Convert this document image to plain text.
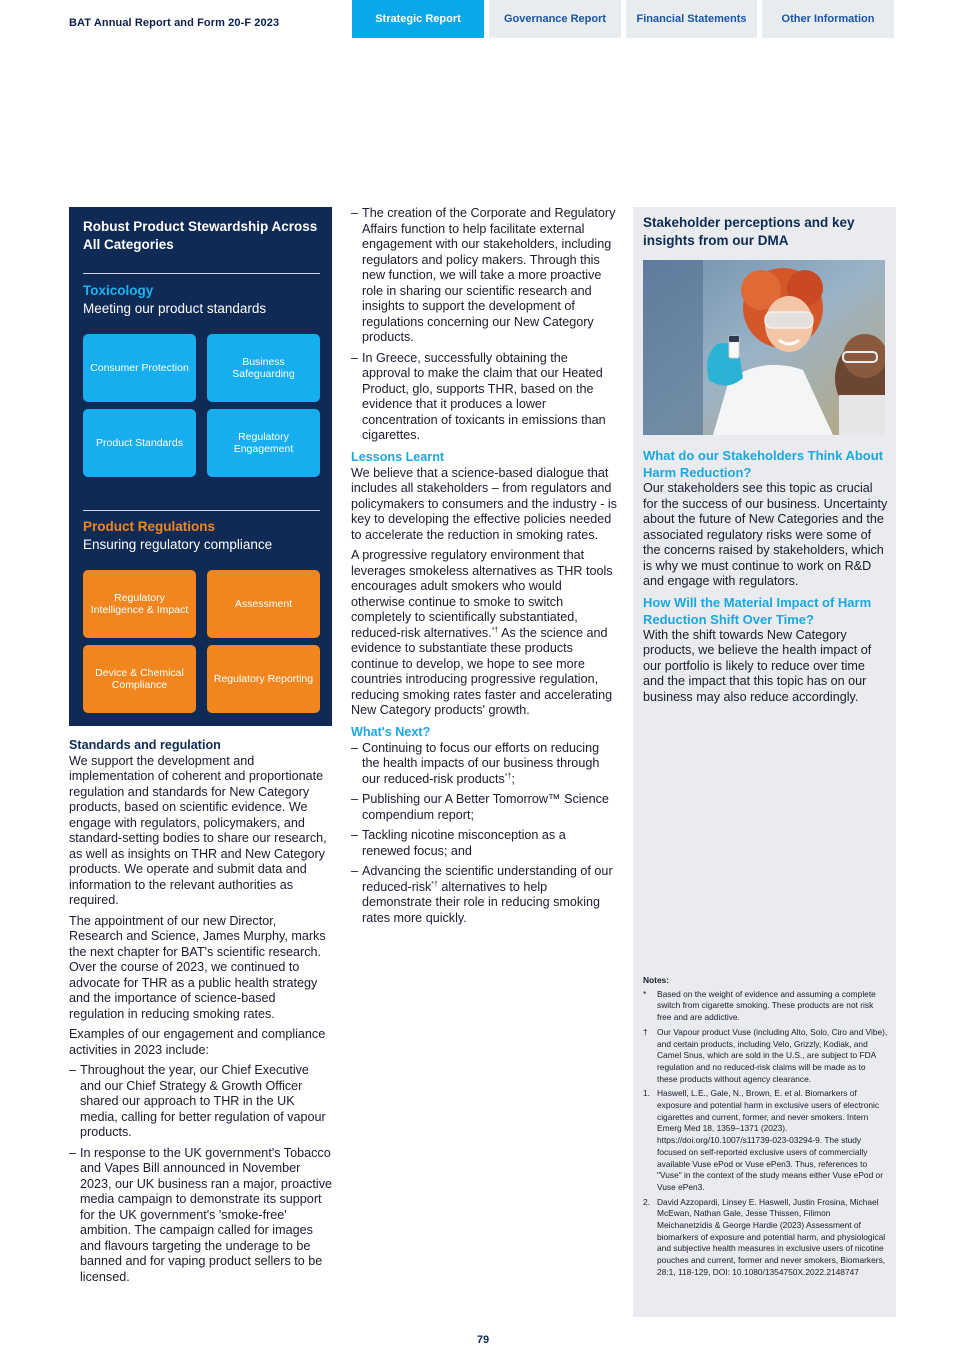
BAT Annual Report and Form 20-F 2023	Strategic Report	Governance Report	Financial Statements	Other Information
Robust Product Stewardship Across All Categories
Toxicology
Meeting our product standards
Consumer Protection	Business Safeguarding
Product Standards	Regulatory Engagement
Product Regulations
Ensuring regulatory compliance
Regulatory Intelligence & Impact	Assessment
Device & Chemical Compliance	Regulatory Reporting
Standards and regulation

We support the development and implementation of coherent and proportionate regulation and standards for New Category products, based on scientific evidence. We engage with regulators, policymakers, and standard-setting bodies to share our research, as well as insights on THR and New Category products. We operate and submit data and information to the relevant authorities as required.

The appointment of our new Director, Research and Science, James Murphy, marks the next chapter for BAT's scientific research. Over the course of 2023, we continued to advocate for THR as a public health strategy and the importance of science-based regulation in reducing smoking rates.

Examples of our engagement and compliance activities in 2023 include:

– Throughout the year, our Chief Executive and our Chief Strategy & Growth Officer shared our approach to THR in the UK media, calling for better regulation of vapour products.
– In response to the UK government's Tobacco and Vapes Bill announced in November 2023, our UK business ran a major, proactive media campaign to demonstrate its support for the UK government's 'smoke-free' ambition. The campaign called for images and flavours targeting the underage to be banned and for vaping product sellers to be licensed.
– The creation of the Corporate and Regulatory Affairs function to help facilitate external engagement with our stakeholders, including regulators and policy makers. Through this new function, we will take a more proactive role in sharing our scientific research and insights to support the development of regulations concerning our New Category products.
– In Greece, successfully obtaining the approval to make the claim that our Heated Product, glo, supports THR, based on the evidence that it produces a lower concentration of toxicants in emissions than cigarettes.
Lessons Learnt

We believe that a science-based dialogue that includes all stakeholders – from regulators and policymakers to consumers and the industry - is key to developing the effective policies needed to accelerate the reduction in smoking rates.

A progressive regulatory environment that leverages smokeless alternatives as THR tools encourages adult smokers who would otherwise continue to smoke to switch completely to scientifically substantiated, reduced-risk alternatives.*† As the science and evidence to substantiate these products continue to develop, we hope to see more countries introducing progressive regulation, reducing smoking rates faster and accelerating New Category products' growth.

What's Next?
– Continuing to focus our efforts on reducing the health impacts of our business through our reduced-risk products*†;
– Publishing our A Better Tomorrow™ Science compendium report;
– Tackling nicotine misconception as a renewed focus; and
– Advancing the scientific understanding of our reduced-risk*† alternatives to help demonstrate their role in reducing smoking rates more quickly.
Stakeholder perceptions and key insights from our DMA
What do our Stakeholders Think About Harm Reduction?

Our stakeholders see this topic as crucial for the success of our business. Uncertainty about the future of New Categories and the associated regulatory risks were some of the concerns raised by stakeholders, which is why we must continue to work on R&D and engage with regulators.

How Will the Material Impact of Harm Reduction Shift Over Time?

With the shift towards New Category products, we believe the health impact of our portfolio is likely to reduce over time and the impact that this topic has on our business may also reduce accordingly.

Notes:
* Based on the weight of evidence and assuming a complete switch from cigarette smoking. These products are not risk free and are addictive.
† Our Vapour product Vuse (including Alto, Solo, Ciro and Vibe), and certain products, including Velo, Grizzly, Kodiak, and Camel Snus, which are sold in the U.S., are subject to FDA regulation and no reduced-risk claims will be made as to these products without agency clearance.
1. Haswell, L.E., Gale, N., Brown, E. et al. Biomarkers of exposure and potential harm in exclusive users of electronic cigarettes and current, former, and never smokers. Intern Emerg Med 18, 1359–1371 (2023). https://doi.org/10.1007/s11739-023-03294-9. The study focused on self-reported exclusive users of commercially available Vuse ePod or Vuse ePen3. Thus, references to "Vuse" in the context of the study means either Vuse ePod or Vuse ePen3.
2. David Azzopardi, Linsey E. Haswell, Justin Frosina, Michael McEwan, Nathan Gale, Jesse Thissen, Filimon Meichanetzidis & George Hardie (2023) Assessment of biomarkers of exposure and potential harm, and physiological and subjective health measures in exclusive users of nicotine pouches and current, former and never smokers, Biomarkers, 28:1, 118-129, DOI: 10.1080/1354750X.2022.2148747
79
